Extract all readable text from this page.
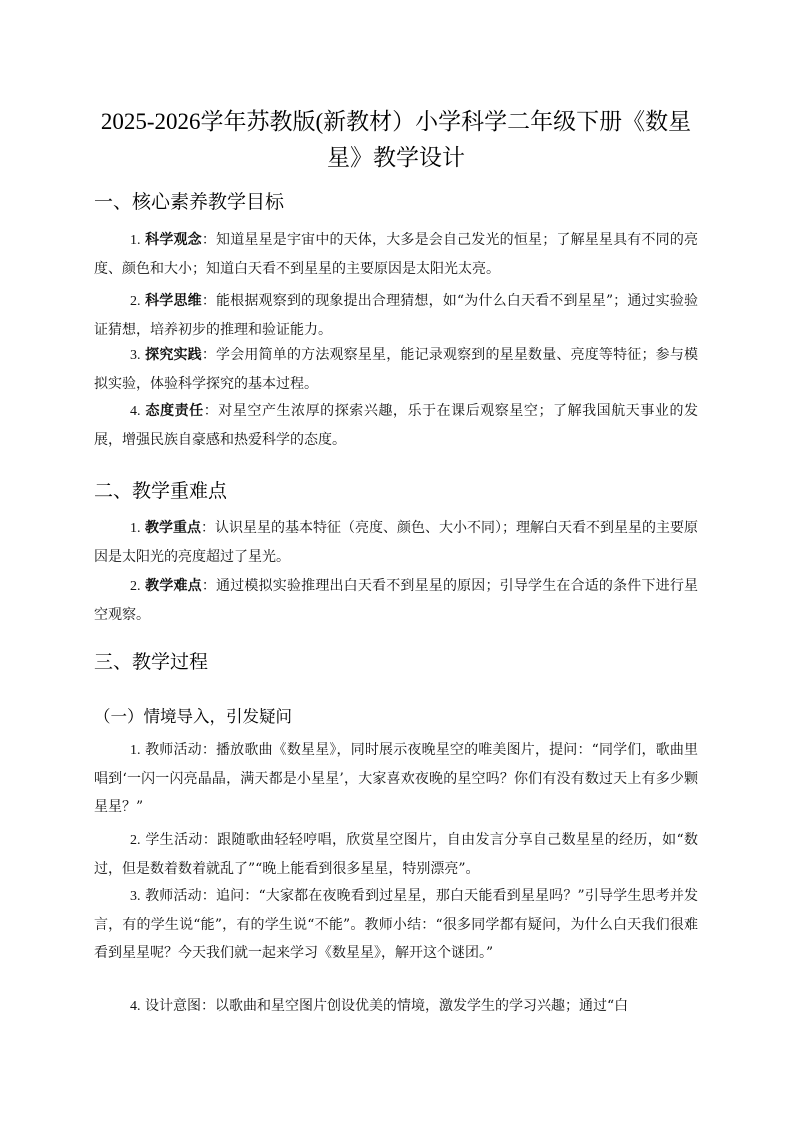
2025-2026学年苏教版(新教材）小学科学二年级下册《数星星》教学设计
一、核心素养教学目标

1. 科学观念：知道星星是宇宙中的天体，大多是会自己发光的恒星；了解星星具有不同的亮度、颜色和大小；知道白天看不到星星的主要原因是太阳光太亮。

2. 科学思维：能根据观察到的现象提出合理猜想，如“为什么白天看不到星星”；通过实验验证猜想，培养初步的推理和验证能力。

3. 探究实践：学会用简单的方法观察星星，能记录观察到的星星数量、亮度等特征；参与模拟实验，体验科学探究的基本过程。

4. 态度责任：对星空产生浓厚的探索兴趣，乐于在课后观察星空；了解我国航天事业的发展，增强民族自豪感和热爱科学的态度。

二、教学重难点

1. 教学重点：认识星星的基本特征（亮度、颜色、大小不同）；理解白天看不到星星的主要原因是太阳光的亮度超过了星光。

2. 教学难点：通过模拟实验推理出白天看不到星星的原因；引导学生在合适的条件下进行星空观察。

三、教学过程
（一）情境导入，引发疑问

1. 教师活动：播放歌曲《数星星》，同时展示夜晚星空的唯美图片，提问：“同学们，歌曲里唱到‘一闪一闪亮晶晶，满天都是小星星’，大家喜欢夜晚的星空吗？你们有没有数过天上有多少颗星星？”

2. 学生活动：跟随歌曲轻轻哼唱，欣赏星空图片，自由发言分享自己数星星的经历，如“数过，但是数着数着就乱了”“晚上能看到很多星星，特别漂亮”。

3. 教师活动：追问：“大家都在夜晚看到过星星，那白天能看到星星吗？”引导学生思考并发言，有的学生说“能”，有的学生说“不能”。教师小结：“很多同学都有疑问，为什么白天我们很难看到星星呢？今天我们就一起来学习《数星星》，解开这个谜团。”

4. 设计意图：以歌曲和星空图片创设优美的情境，激发学生的学习兴趣；通过“白
